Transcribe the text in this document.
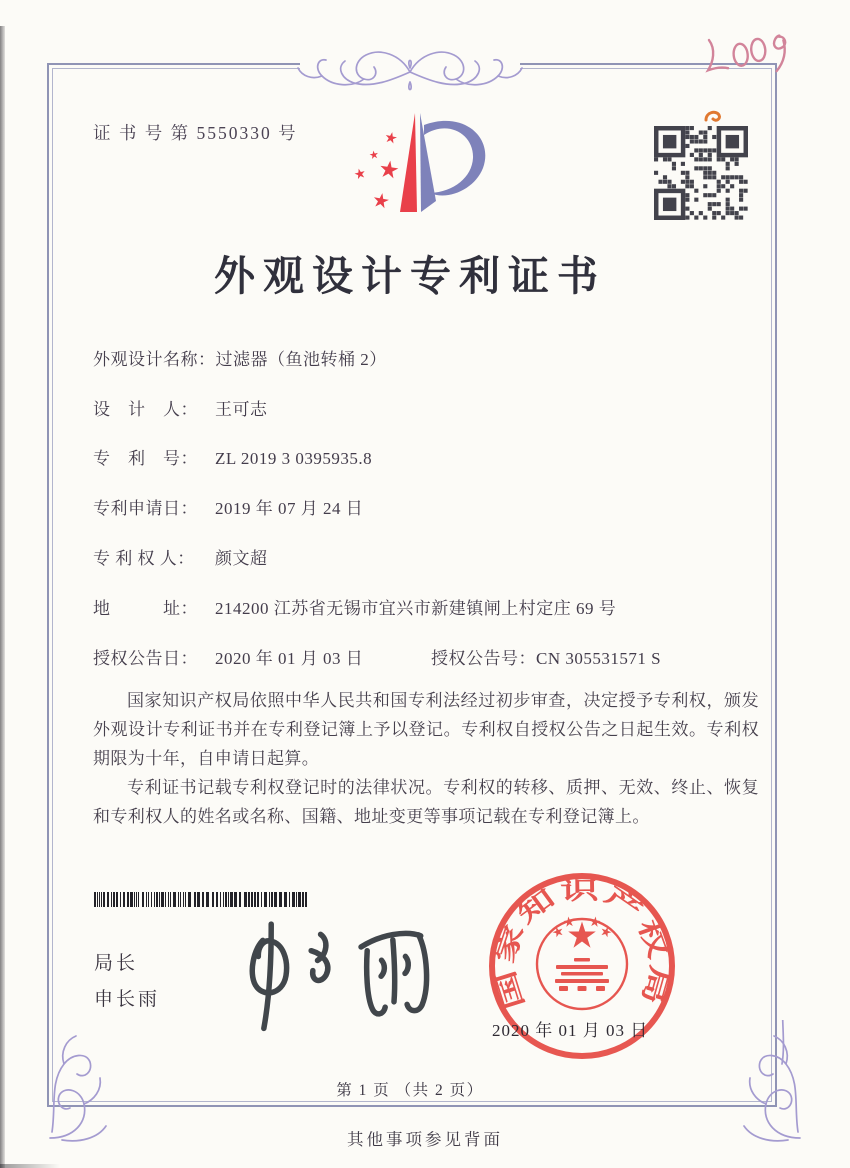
证 书 号 第 5550330 号
外观设计专利证书
外观设计名称：过滤器（鱼池转桶 2）
设　计　人： 王可志
专　利　号： ZL 2019 3 0395935.8
专利申请日： 2019 年 07 月 24 日
专 利 权 人： 颜文超
地　　　址： 214200 江苏省无锡市宜兴市新建镇闸上村定庄 69 号
授权公告日： 2020 年 01 月 03 日	授权公告号：CN 305531571 S

国家知识产权局依照中华人民共和国专利法经过初步审查，决定授予专利权，颁发外观设计专利证书并在专利登记簿上予以登记。专利权自授权公告之日起生效。专利权期限为十年，自申请日起算。

专利证书记载专利权登记时的法律状况。专利权的转移、质押、无效、终止、恢复和专利权人的姓名或名称、国籍、地址变更等事项记载在专利登记簿上。

局长
申长雨	国家知识产权局
2020 年 01 月 03 日
第 1 页 （共 2 页）
其他事项参见背面
